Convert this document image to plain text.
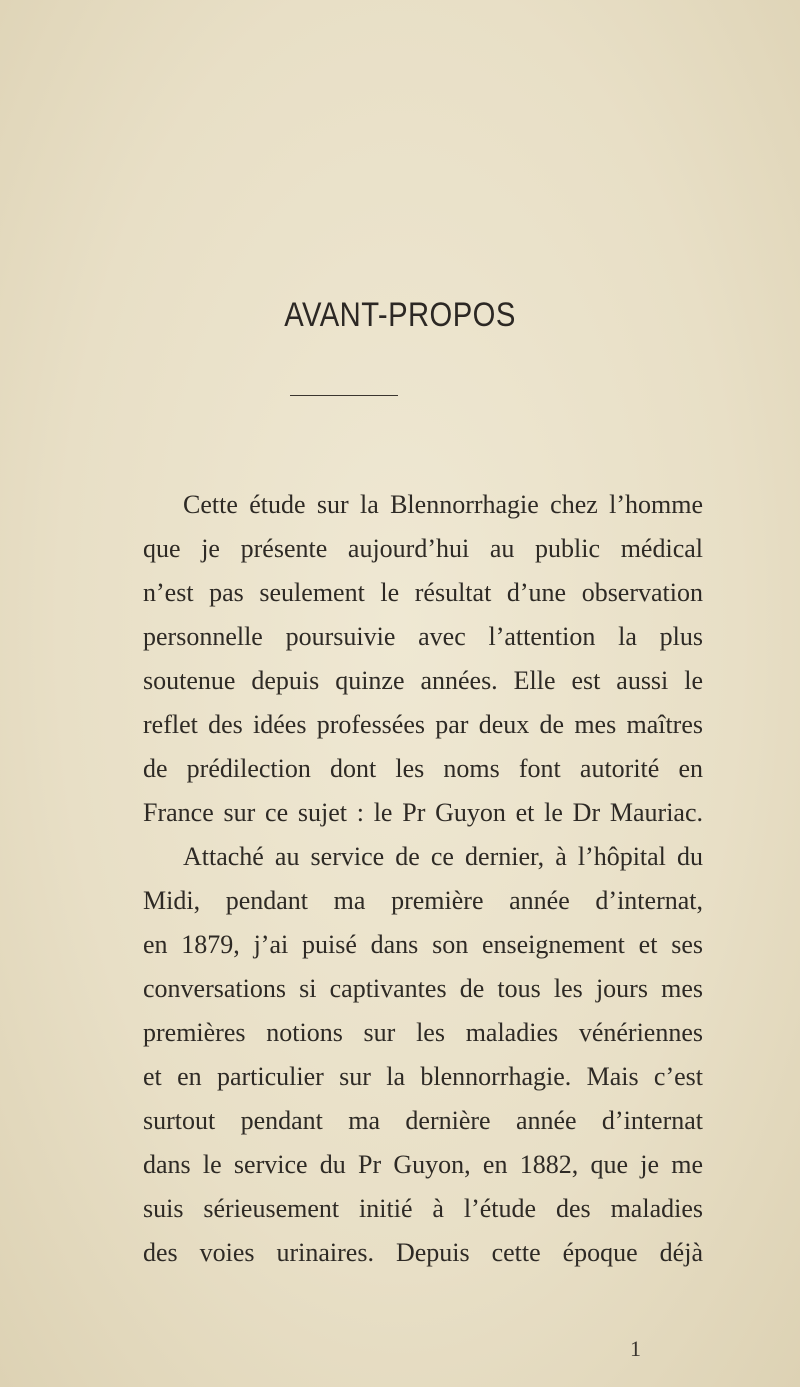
AVANT-PROPOS
Cette étude sur la Blennorrhagie chez l’homme
que je présente aujourd’hui au public médical
n’est pas seulement le résultat d’une observation
personnelle poursuivie avec l’attention la plus
soutenue depuis quinze années. Elle est aussi le
reflet des idées professées par deux de mes maîtres
de prédilection dont les noms font autorité en
France sur ce sujet : le Pr Guyon et le Dr Mauriac.
Attaché au service de ce dernier, à l’hôpital du
Midi, pendant ma première année d’internat,
en 1879, j’ai puisé dans son enseignement et ses
conversations si captivantes de tous les jours mes
premières notions sur les maladies vénériennes
et en particulier sur la blennorrhagie. Mais c’est
surtout pendant ma dernière année d’internat
dans le service du Pr Guyon, en 1882, que je me
suis sérieusement initié à l’étude des maladies
des voies urinaires. Depuis cette époque déjà
1
